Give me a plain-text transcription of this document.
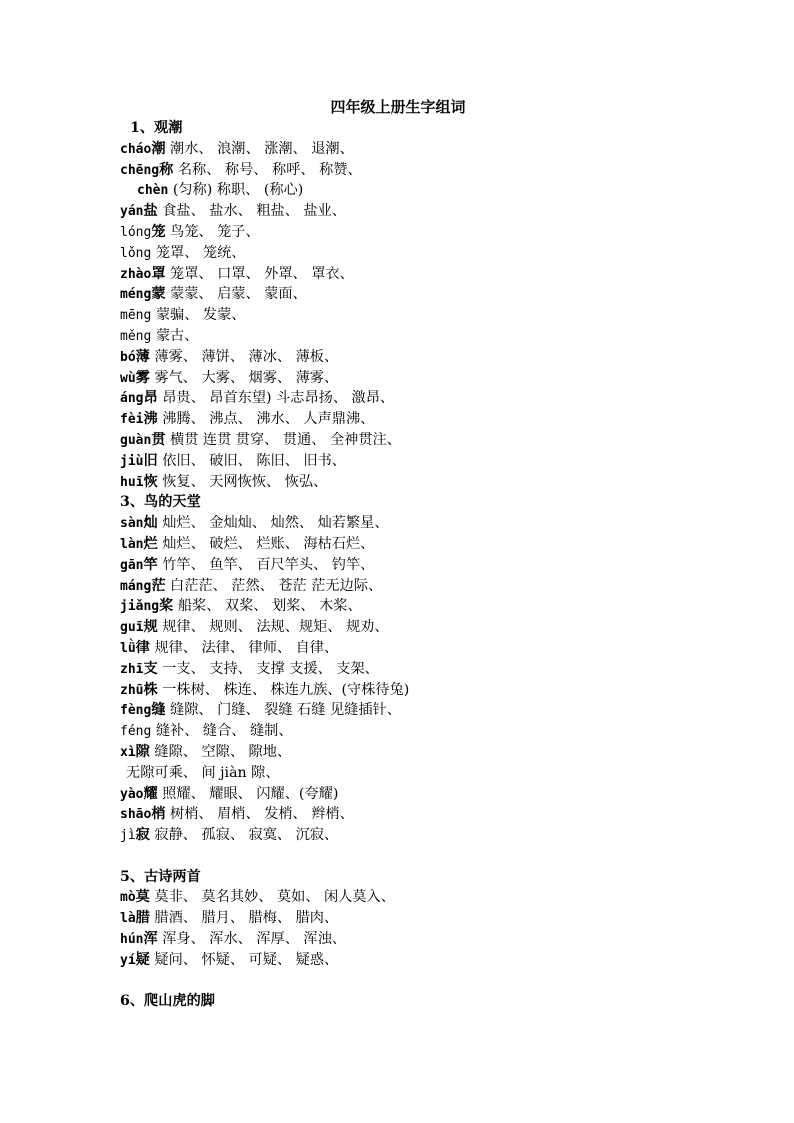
四年级上册生字组词
1、观潮
cháo潮 潮水、 浪潮、 涨潮、 退潮、
chēng称 名称、 称号、 称呼、 称赞、
chèn (匀称) 称职、 (称心)
yán盐 食盐、 盐水、 粗盐、 盐业、
lóng笼 鸟笼、 笼子、
lǒng 笼罩、 笼统、
zhào罩 笼罩、 口罩、 外罩、 罩衣、
méng蒙 蒙蒙、 启蒙、 蒙面、
mēng 蒙骗、 发蒙、
měng 蒙古、
bó薄 薄雾、 薄饼、 薄冰、 薄板、
wù雾 雾气、 大雾、 烟雾、 薄雾、
áng昂 昂贵、 昂首东望) 斗志昂扬、 激昂、
fèi沸 沸腾、 沸点、 沸水、 人声鼎沸、
guàn贯 横贯 连贯 贯穿、 贯通、 全神贯注、
jiù旧 依旧、 破旧、 陈旧、 旧书、
huī恢 恢复、 天网恢恢、 恢弘、
3、鸟的天堂
sàn灿 灿烂、 金灿灿、 灿然、 灿若繁星、
làn烂 灿烂、 破烂、 烂账、 海枯石烂、
gān竿 竹竿、 鱼竿、 百尺竿头、 钓竿、
máng茫 白茫茫、 茫然、 苍茫 茫无边际、
jiǎng桨 船桨、 双桨、 划桨、 木桨、
guī规 规律、 规则、 法规、规矩、 规劝、
lǜ律 规律、 法律、 律师、 自律、
zhī支 一支、 支持、 支撑 支援、 支架、
zhū株 一株树、 株连、 株连九族、(守株待兔)
fèng缝 缝隙、 门缝、 裂缝 石缝 见缝插针、
féng 缝补、 缝合、 缝制、
xì隙 缝隙、 空隙、 隙地、
无隙可乘、 间 jiàn 隙、
yào耀 照耀、 耀眼、 闪耀、(夸耀)
shāo梢 树梢、 眉梢、 发梢、 辫梢、
jì寂 寂静、 孤寂、 寂寞、 沉寂、
5、古诗两首
mò莫 莫非、 莫名其妙、 莫如、 闲人莫入、
là腊 腊酒、 腊月、 腊梅、 腊肉、
hún浑 浑身、 浑水、 浑厚、 浑浊、
yí疑 疑问、 怀疑、 可疑、 疑惑、
6、爬山虎的脚
